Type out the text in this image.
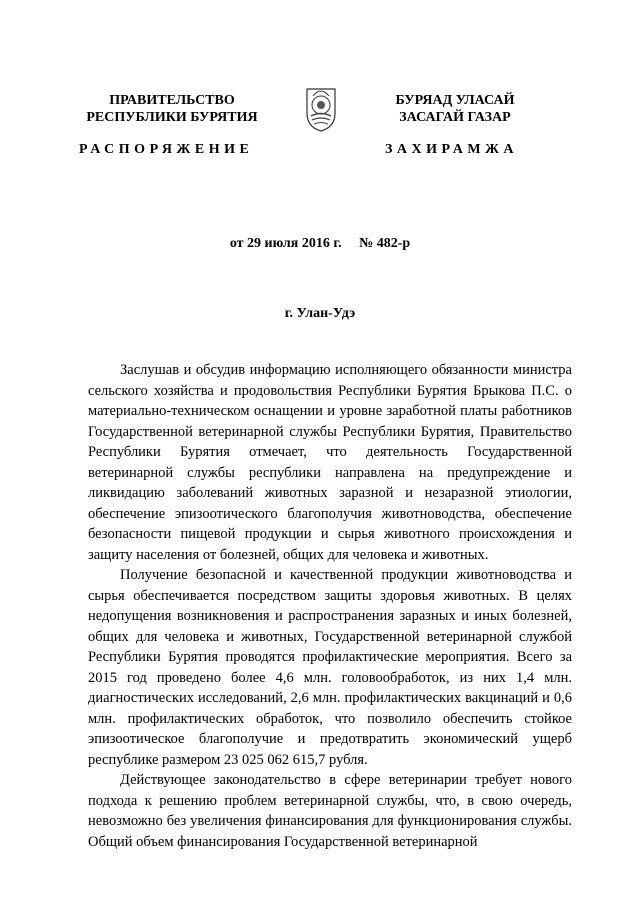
ПРАВИТЕЛЬСТВО
РЕСПУБЛИКИ БУРЯТИЯ
БУРЯАД УЛАСАЙ
ЗАСАГАЙ ГАЗАР
РАСПОРЯЖЕНИЕ	ЗАХИРАМЖА
от 29 июля 2016 г. № 482-р
г. Улан-Удэ

Заслушав и обсудив информацию исполняющего обязанности министра сельского хозяйства и продовольствия Республики Бурятия Брыкова П.С. о материально-техническом оснащении и уровне заработной платы работников Государственной ветеринарной службы Республики Бурятия, Правительство Республики Бурятия отмечает, что деятельность Государственной ветеринарной службы республики направлена на предупреждение и ликвидацию заболеваний животных заразной и незаразной этиологии, обеспечение эпизоотического благополучия животноводства, обеспечение безопасности пищевой продукции и сырья животного происхождения и защиту населения от болезней, общих для человека и животных.

Получение безопасной и качественной продукции животноводства и сырья обеспечивается посредством защиты здоровья животных. В целях недопущения возникновения и распространения заразных и иных болезней, общих для человека и животных, Государственной ветеринарной службой Республики Бурятия проводятся профилактические мероприятия. Всего за 2015 год проведено более 4,6 млн. головообработок, из них 1,4 млн. диагностических исследований, 2,6 млн. профилактических вакцинаций и 0,6 млн. профилактических обработок, что позволило обеспечить стойкое эпизоотическое благополучие и предотвратить экономический ущерб республике размером 23 025 062 615,7 рубля.

Действующее законодательство в сфере ветеринарии требует нового подхода к решению проблем ветеринарной службы, что, в свою очередь, невозможно без увеличения финансирования для функционирования службы. Общий объем финансирования Государственной ветеринарной
